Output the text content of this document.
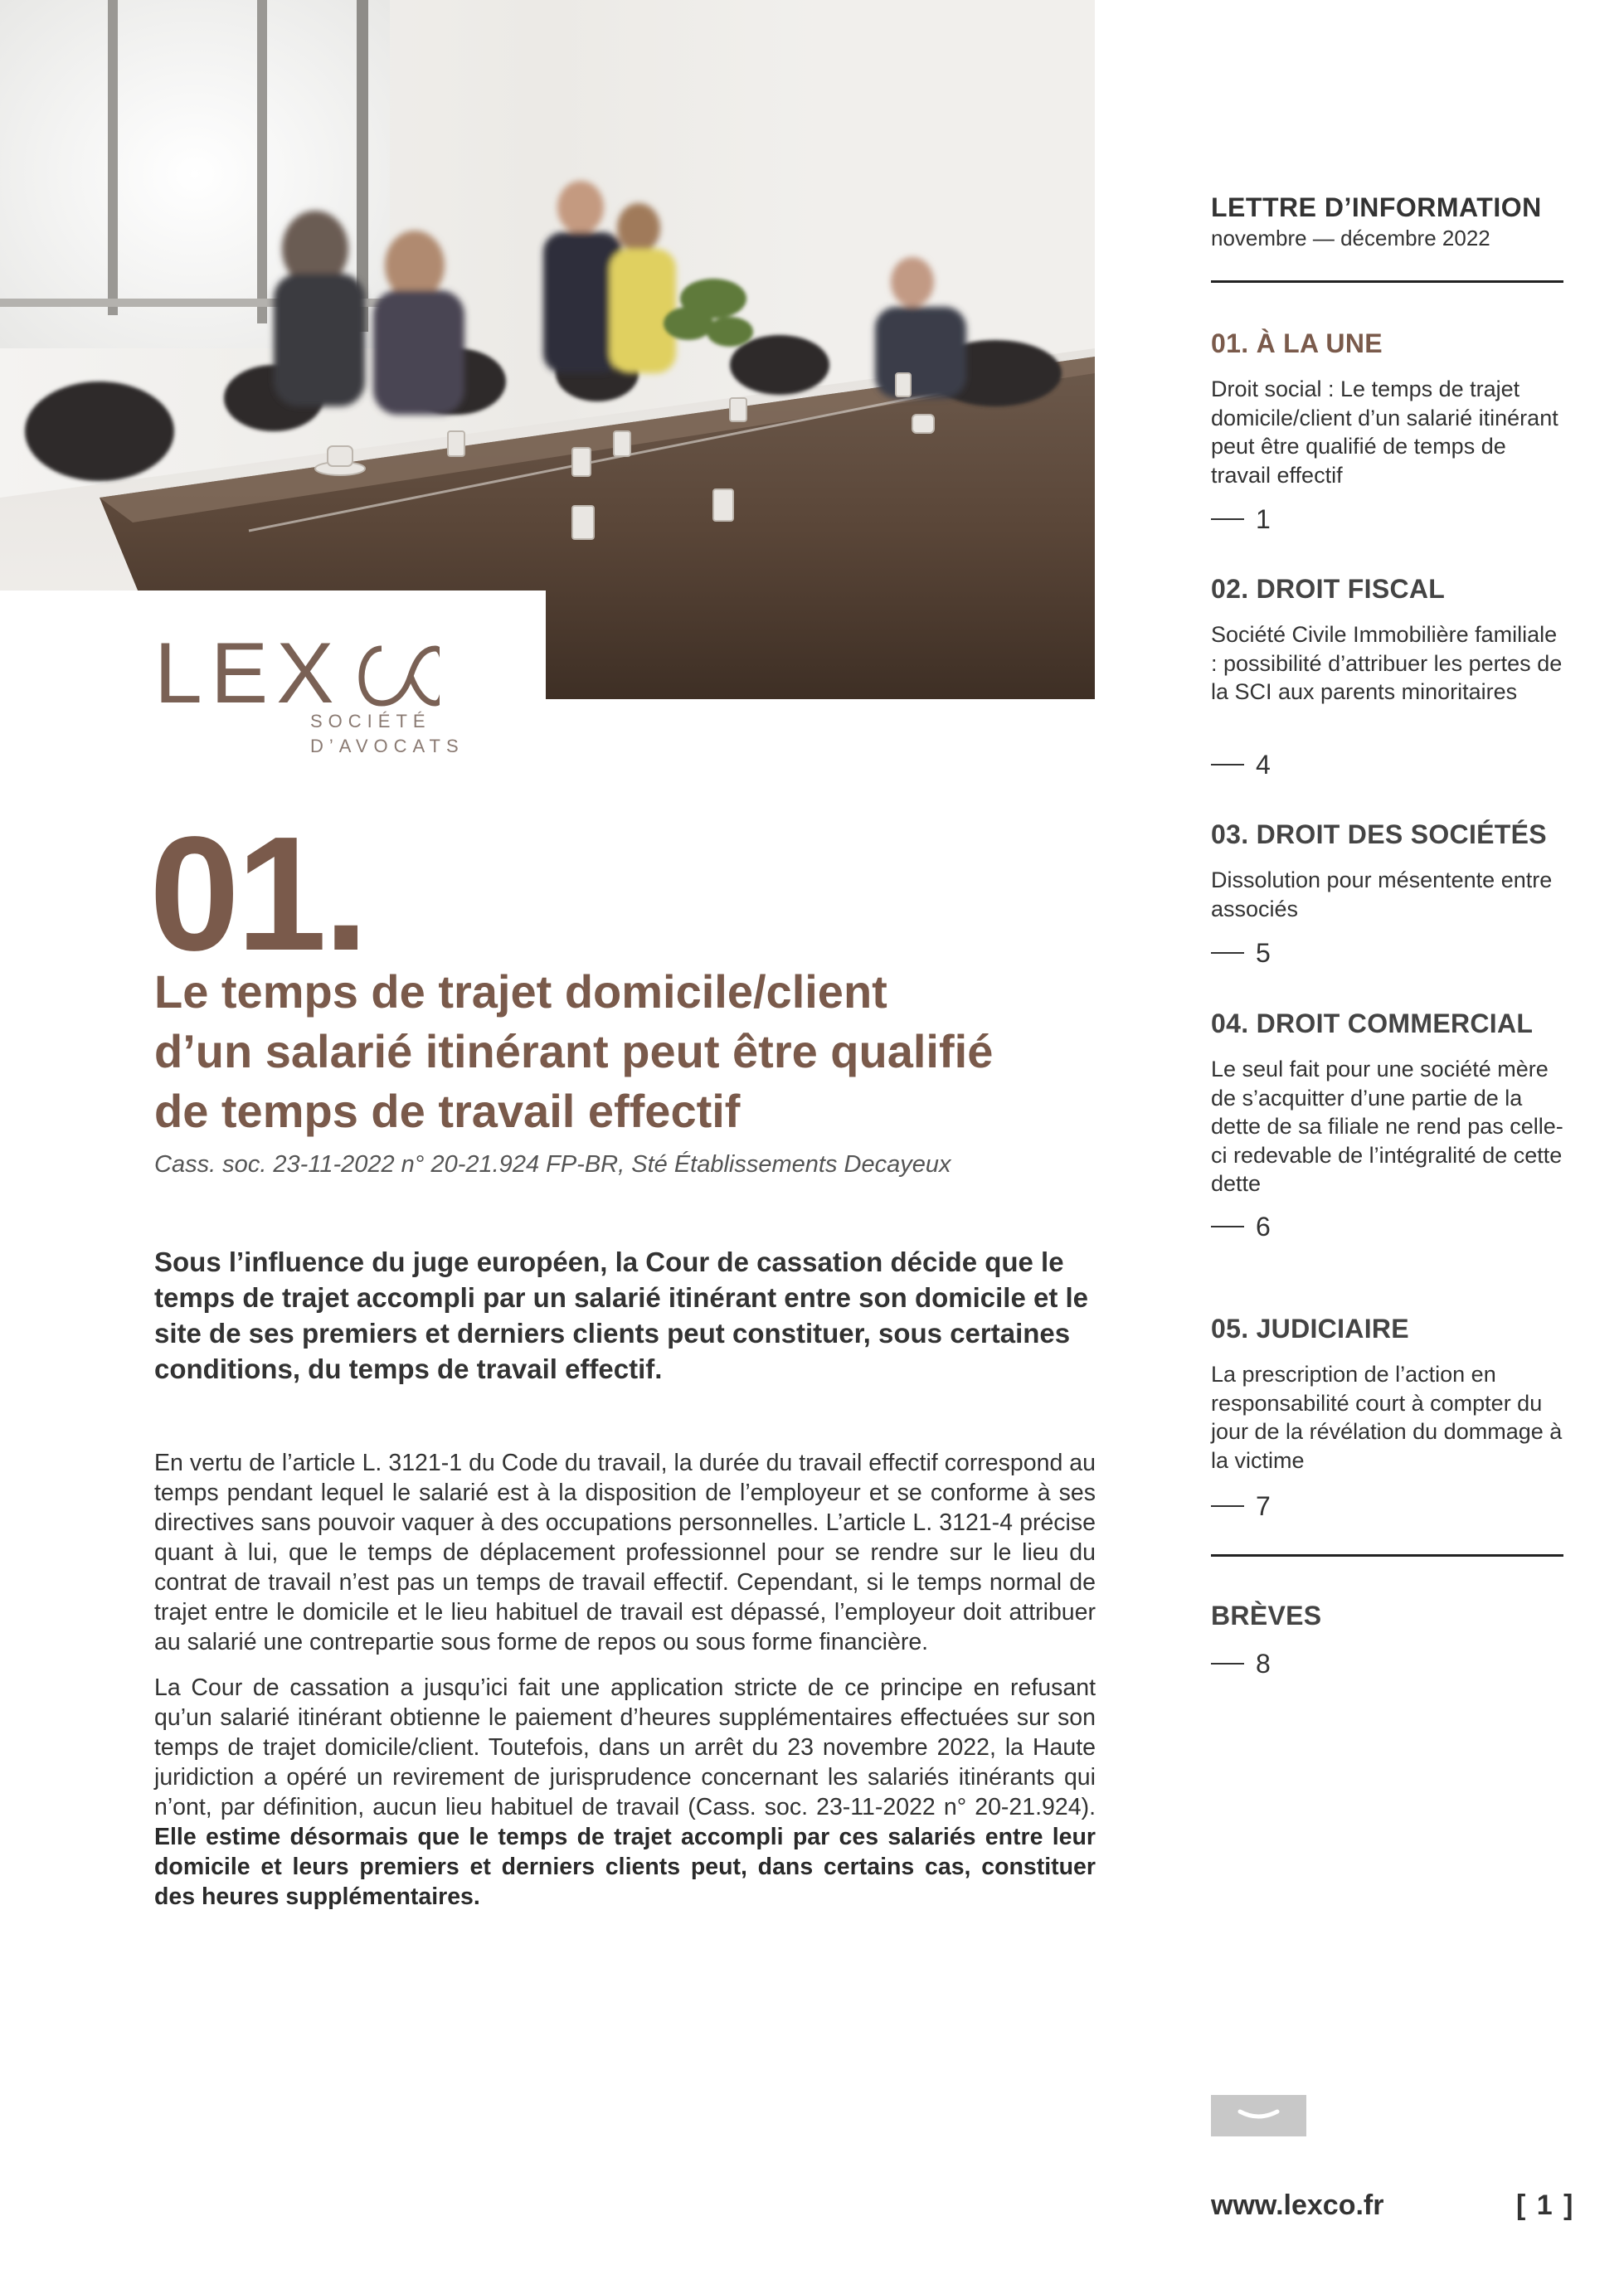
LEX
SOCIÉTÉ
D’AVOCATS
01.
Le temps de trajet domicile/client
d’un salarié itinérant peut être qualifié
de temps de travail effectif
Cass. soc. 23-11-2022 n° 20-21.924 FP-BR, Sté Établissements Decayeux

Sous l’influence du juge européen, la Cour de cassation décide que le temps de trajet accompli par un salarié itinérant entre son domicile et le site de ses premiers et derniers clients peut constituer, sous certaines conditions, du temps de travail effectif.

En vertu de l’article L. 3121-1 du Code du travail, la durée du travail effectif correspond au temps pendant lequel le salarié est à la disposition de l’employeur et se conforme à ses directives sans pouvoir vaquer à des occupations personnelles. L’article L. 3121-4 précise quant à lui, que le temps de déplacement professionnel pour se rendre sur le lieu du contrat de travail n’est pas un temps de travail effectif. Cependant, si le temps normal de trajet entre le domicile et le lieu habituel de travail est dépassé, l’employeur doit attribuer au salarié une contrepartie sous forme de repos ou sous forme financière.

La Cour de cassation a jusqu’ici fait une application stricte de ce principe en refusant qu’un salarié itinérant obtienne le paiement d’heures supplémentaires effectuées sur son temps de trajet domicile/client. Toutefois, dans un arrêt du 23 novembre 2022, la Haute juridiction a opéré un revirement de jurisprudence concernant les salariés itinérants qui n’ont, par définition, aucun lieu habituel de travail (Cass. soc. 23-11-2022 n° 20-21.924). Elle estime désormais que le temps de trajet accompli par ces salariés entre leur domicile et leurs premiers et derniers clients peut, dans certains cas, constituer des heures supplémentaires.

LETTRE D’INFORMATION
novembre — décembre 2022
01. À LA UNE
Droit social : Le temps de trajet domicile/client d’un salarié itinérant peut être qualifié de temps de travail effectif
1
02. DROIT FISCAL
Société Civile Immobilière familiale : possibilité d’attribuer les pertes de la SCI aux parents minoritaires
4
03. DROIT DES SOCIÉTÉS
Dissolution pour mésentente entre associés
5
04. DROIT COMMERCIAL
Le seul fait pour une société mère de s’acquitter d’une partie de la dette de sa filiale ne rend pas celle-ci redevable de l’intégralité de cette dette
6
05. JUDICIAIRE
La prescription de l’action en responsabilité court à compter du jour de la révélation du dommage à la victime
7
BRÈVES
8
www.lexco.fr	[ 1 ]
